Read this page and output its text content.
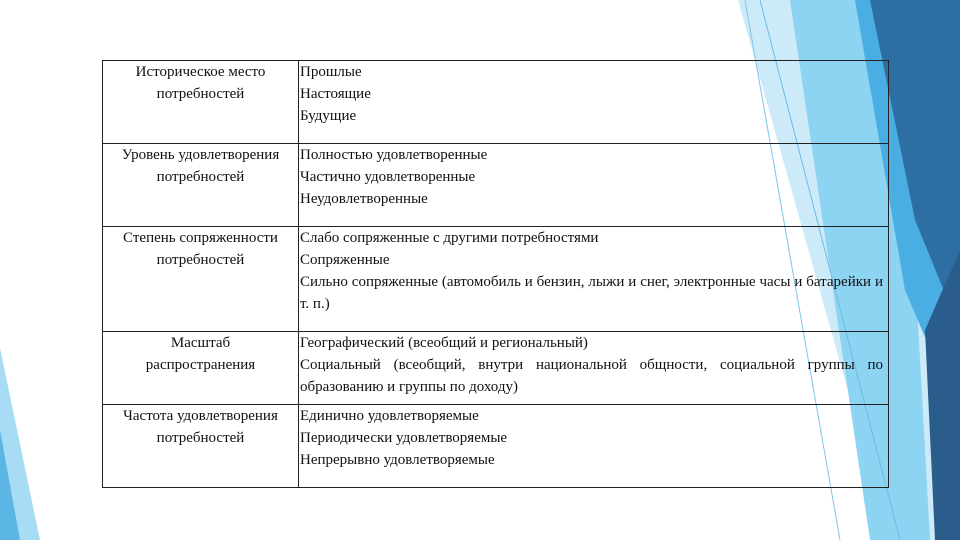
Историческое место
потребностей	Прошлые
Настоящие
Будущие

Уровень удовлетворения
потребностей	Полностью удовлетворенные
Частично удовлетворенные
Неудовлетворенные

Степень сопряженности
потребностей	Слабо сопряженные с другими потребностями
Сопряженные
Сильно сопряженные (автомобиль и бензин, лыжи и снег, электронные часы и батарейки и т. п.)

Масштаб
распространения	Географический (всеобщий и региональный)
Социальный (всеобщий, внутри национальной общности, социальной группы по образованию и группы по доходу)

Частота удовлетворения
потребностей	Единично удовлетворяемые
Периодически удовлетворяемые
Непрерывно удовлетворяемые
